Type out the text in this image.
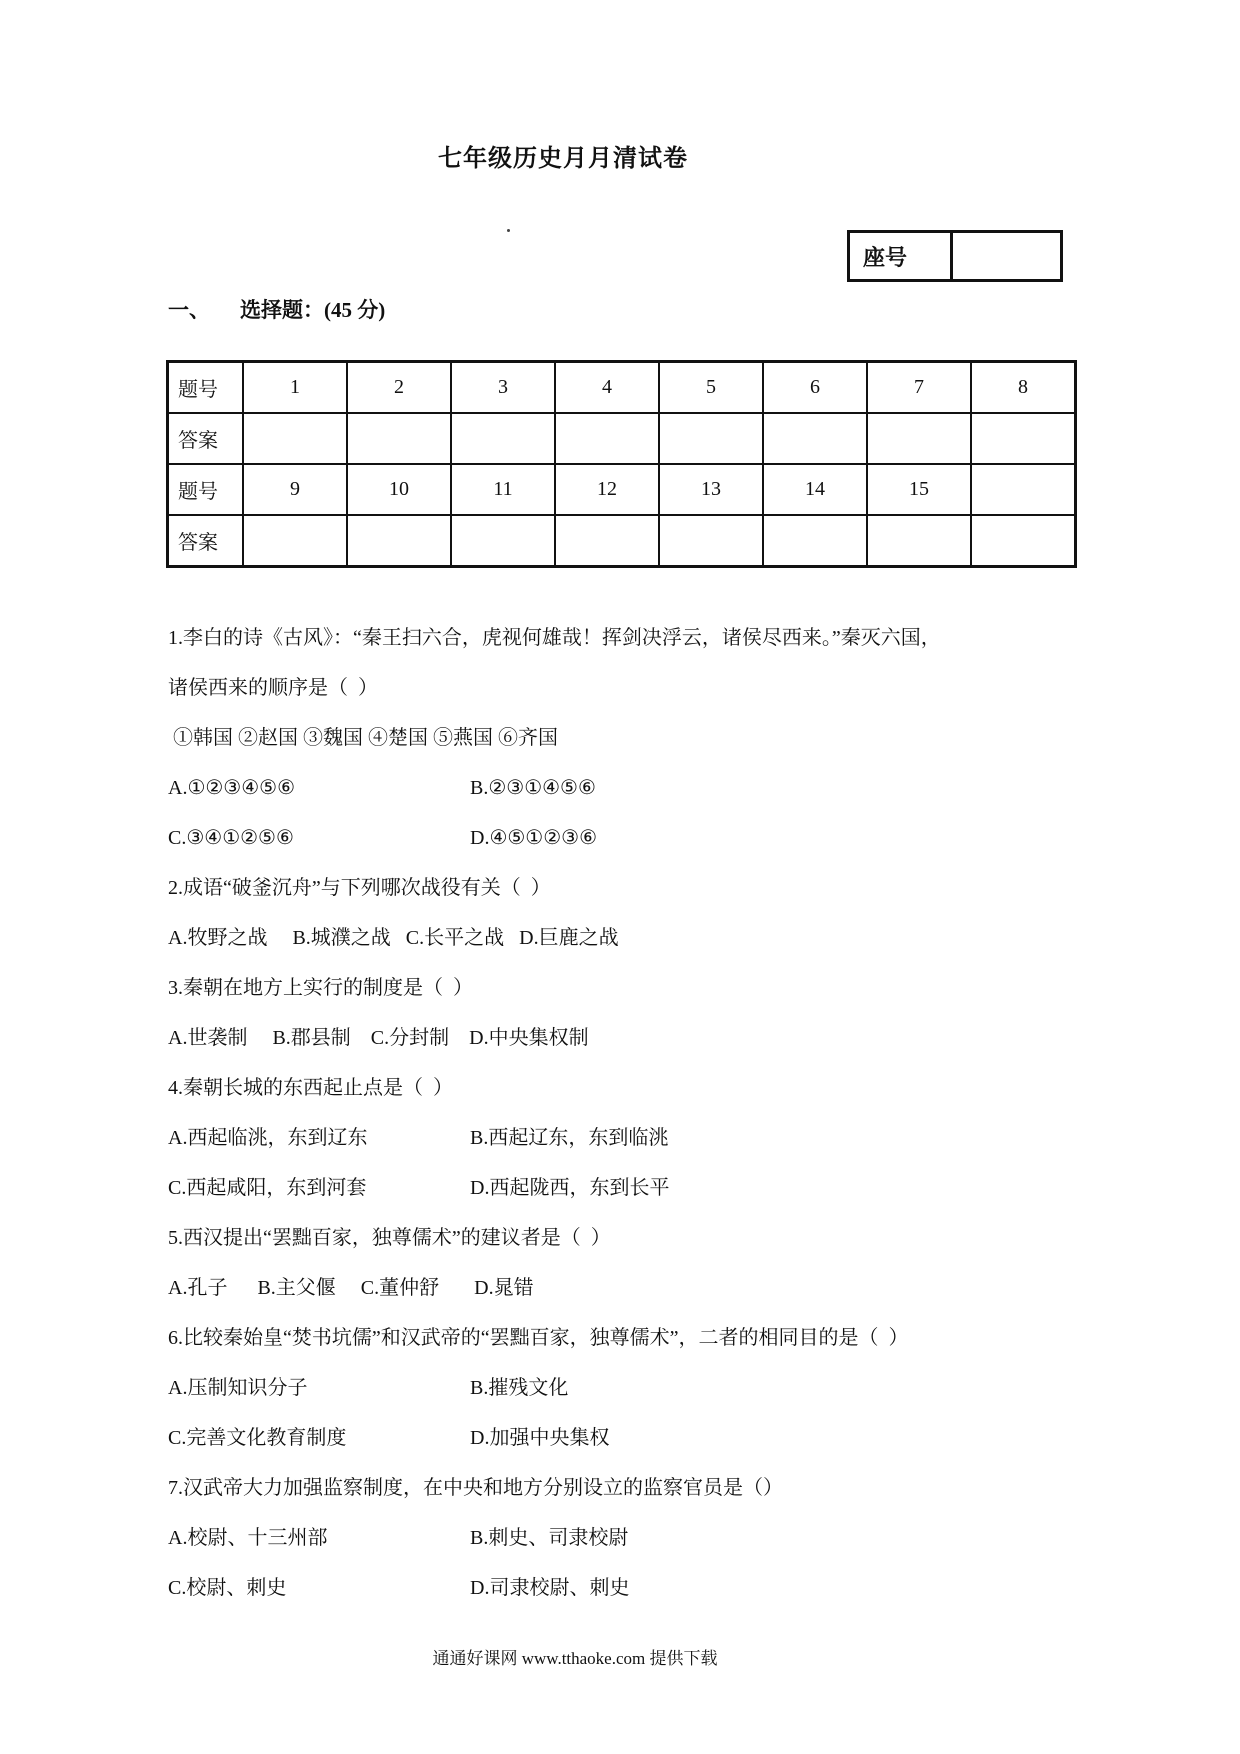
七年级历史月月清试卷
座号
一、 选择题：(45 分)
题号	1	2	3	4	5	6	7	8
答案								
题号	9	10	11	12	13	14	15	
答案								
1.李白的诗《古风》：“秦王扫六合，虎视何雄哉！挥剑决浮云，诸侯尽西来。”秦灭六国，
诸侯西来的顺序是（  ）
①韩国 ②赵国 ③魏国 ④楚国 ⑤燕国 ⑥齐国
A.①②③④⑤⑥	B.②③①④⑤⑥
C.③④①②⑤⑥	D.④⑤①②③⑥
2.成语“破釜沉舟”与下列哪次战役有关（  ）
A.牧野之战     B.城濮之战   C.长平之战   D.巨鹿之战
3.秦朝在地方上实行的制度是（  ）
A.世袭制     B.郡县制    C.分封制    D.中央集权制
4.秦朝长城的东西起止点是（  ）
A.西起临洮，东到辽东	B.西起辽东，东到临洮
C.西起咸阳，东到河套	D.西起陇西，东到长平
5.西汉提出“罢黜百家，独尊儒术”的建议者是（  ）
A.孔子      B.主父偃     C.董仲舒       D.晁错
6.比较秦始皇“焚书坑儒”和汉武帝的“罢黜百家，独尊儒术”，二者的相同目的是（  ）
A.压制知识分子	B.摧残文化
C.完善文化教育制度	D.加强中央集权
7.汉武帝大力加强监察制度，在中央和地方分别设立的监察官员是（）
A.校尉、十三州部	B.刺史、司隶校尉
C.校尉、刺史	D.司隶校尉、刺史
通通好课网 www.tthaoke.com 提供下载
